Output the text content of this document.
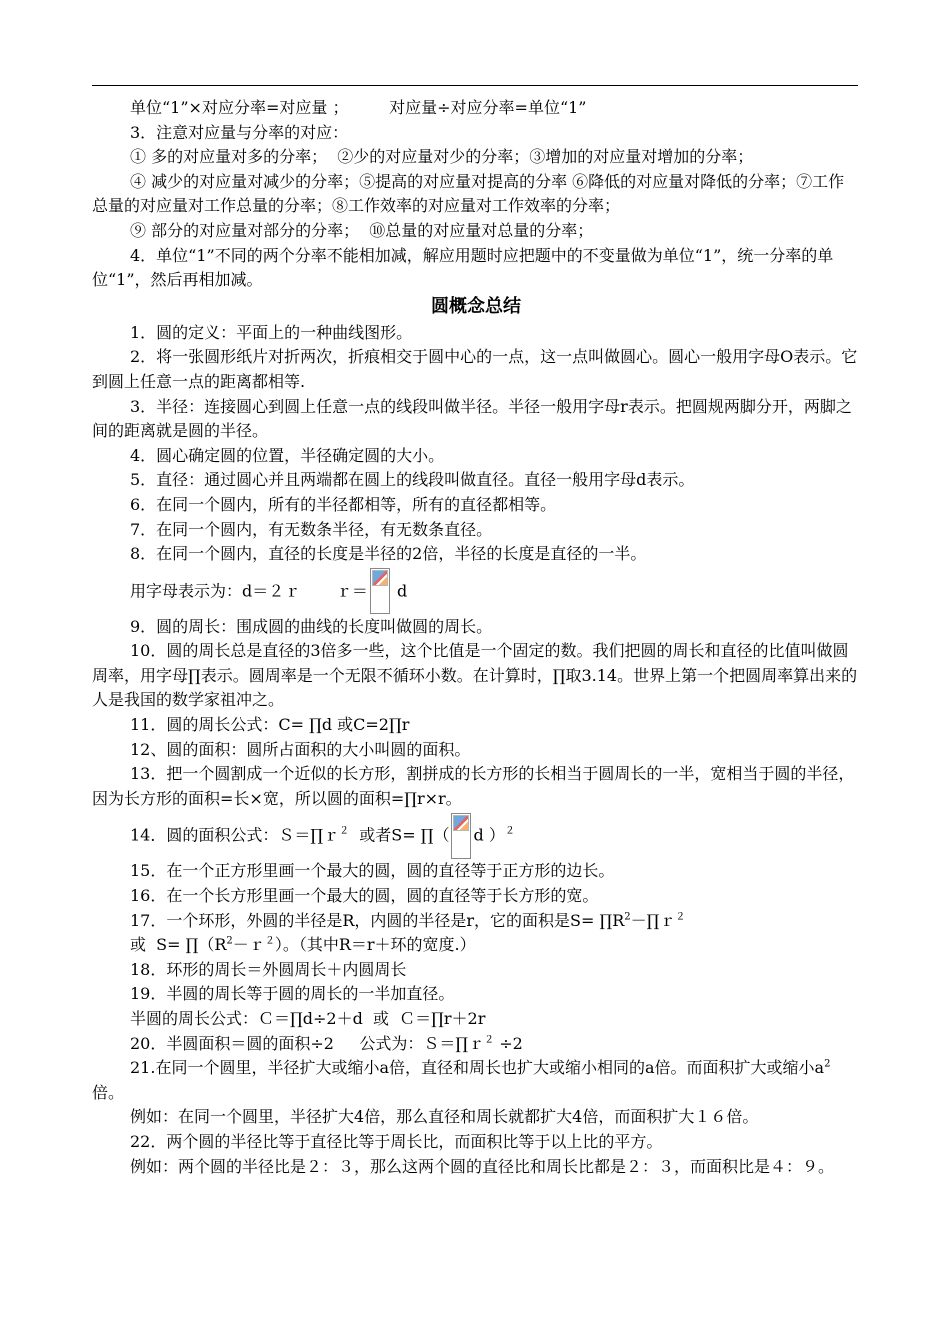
单位“1”×对应分率=对应量 ；        对应量÷对应分率=单位“1”

3．注意对应量与分率的对应：

① 多的对应量对多的分率；  ②少的对应量对少的分率；③增加的对应量对增加的分率；

④ 减少的对应量对减少的分率；⑤提高的对应量对提高的分率 ⑥降低的对应量对降低的分率；⑦工作总量的对应量对工作总量的分率；⑧工作效率的对应量对工作效率的分率；

⑨ 部分的对应量对部分的分率；  ⑩总量的对应量对总量的分率；

4．单位“1”不同的两个分率不能相加减，解应用题时应把题中的不变量做为单位“1”，统一分率的单位“1”，然后再相加减。

圆概念总结

1．圆的定义：平面上的一种曲线图形。

2．将一张圆形纸片对折两次，折痕相交于圆中心的一点，这一点叫做圆心。圆心一般用字母O表示。它到圆上任意一点的距离都相等.

3．半径：连接圆心到圆上任意一点的线段叫做半径。半径一般用字母r表示。把圆规两脚分开，两脚之间的距离就是圆的半径。

4．圆心确定圆的位置，半径确定圆的大小。

5．直径：通过圆心并且两端都在圆上的线段叫做直径。直径一般用字母d表示。

6．在同一个圆内，所有的半径都相等，所有的直径都相等。

7．在同一个圆内，有无数条半径，有无数条直径。

8．在同一个圆内，直径的长度是半径的2倍，半径的长度是直径的一半。

用字母表示为：d＝２ｒ       ｒ＝
d

9．圆的周长：围成圆的曲线的长度叫做圆的周长。

10．圆的周长总是直径的3倍多一些，这个比值是一个固定的数。我们把圆的周长和直径的比值叫做圆周率，用字母∏表示。圆周率是一个无限不循环小数。在计算时，∏取3.14。世界上第一个把圆周率算出来的人是我国的数学家祖冲之。

11．圆的周长公式：C= ∏d 或C=2∏r

12、圆的面积：圆所占面积的大小叫圆的面积。

13．把一个圆割成一个近似的长方形，割拼成的长方形的长相当于圆周长的一半，宽相当于圆的半径，因为长方形的面积=长×宽，所以圆的面积=∏r×r。

14．圆的面积公式：Ｓ＝∏ｒ$^2$  或者S= ∏（ d ）$^2$

15．在一个正方形里画一个最大的圆，圆的直径等于正方形的边长。

16．在一个长方形里画一个最大的圆，圆的直径等于长方形的宽。

17．一个环形，外圆的半径是R，内圆的半径是r，它的面积是$S= \prod R^2-\prod r^2$

或  $S= \prod(R^2-r^2)$。（其中R＝r＋环的宽度.）

18．环形的周长＝外圆周长＋内圆周长

19．半圆的周长等于圆的周长的一半加直径。

半圆的周长公式：Ｃ＝∏d÷2＋d  或  Ｃ＝∏r＋2r

20．半圆面积＝圆的面积÷2     公式为：Ｓ＝∏ｒ$^2$ ÷2

21.在同一个圆里，半径扩大或缩小a倍，直径和周长也扩大或缩小相同的a倍。而面积扩大或缩小$a^2$倍。

例如：在同一个圆里，半径扩大4倍，那么直径和周长就都扩大4倍，而面积扩大１６倍。

22．两个圆的半径比等于直径比等于周长比，而面积比等于以上比的平方。

例如：两个圆的半径比是２：３，那么这两个圆的直径比和周长比都是２：３，而面积比是４：９。
